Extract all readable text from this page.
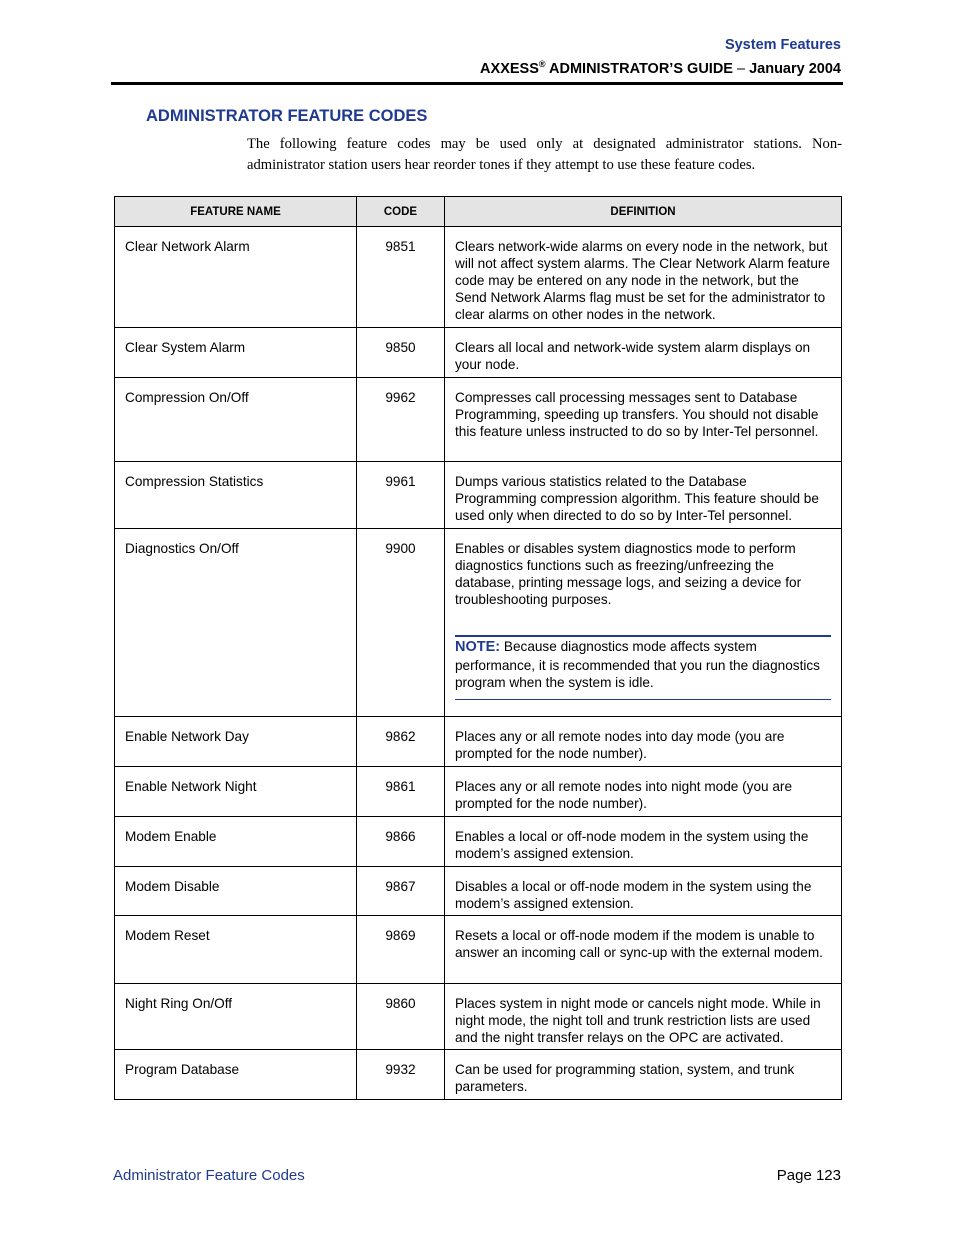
System Features
AXXESS® ADMINISTRATOR’S GUIDE – January 2004
ADMINISTRATOR FEATURE CODES

The following feature codes may be used only at designated administrator stations. Non-administrator station users hear reorder tones if they attempt to use these feature codes.

FEATURE NAME	CODE	DEFINITION
Clear Network Alarm	9851	Clears network-wide alarms on every node in the network, but will not affect system alarms. The Clear Network Alarm feature code may be entered on any node in the network, but the Send Network Alarms flag must be set for the administrator to clear alarms on other nodes in the network.
Clear System Alarm	9850	Clears all local and network-wide system alarm displays on your node.
Compression On/Off	9962	Compresses call processing messages sent to Database Programming, speeding up transfers. You should not disable this feature unless instructed to do so by Inter-Tel personnel.
Compression Statistics	9961	Dumps various statistics related to the Database Programming compression algorithm. This feature should be used only when directed to do so by Inter-Tel personnel.
Diagnostics On/Off	9900	Enables or disables system diagnostics mode to perform diagnostics functions such as freezing/unfreezing the database, printing message logs, and seizing a device for troubleshooting purposes.
NOTE: Because diagnostics mode affects system performance, it is recommended that you run the diagnostics program when the system is idle.

Enable Network Day	9862	Places any or all remote nodes into day mode (you are prompted for the node number).
Enable Network Night	9861	Places any or all remote nodes into night mode (you are prompted for the node number).
Modem Enable	9866	Enables a local or off-node modem in the system using the modem’s assigned extension.
Modem Disable	9867	Disables a local or off-node modem in the system using the modem’s assigned extension.
Modem Reset	9869	Resets a local or off-node modem if the modem is unable to answer an incoming call or sync-up with the external modem.
Night Ring On/Off	9860	Places system in night mode or cancels night mode. While in night mode, the night toll and trunk restriction lists are used and the night transfer relays on the OPC are activated.
Program Database	9932	Can be used for programming station, system, and trunk parameters.
Administrator Feature Codes	Page 123
